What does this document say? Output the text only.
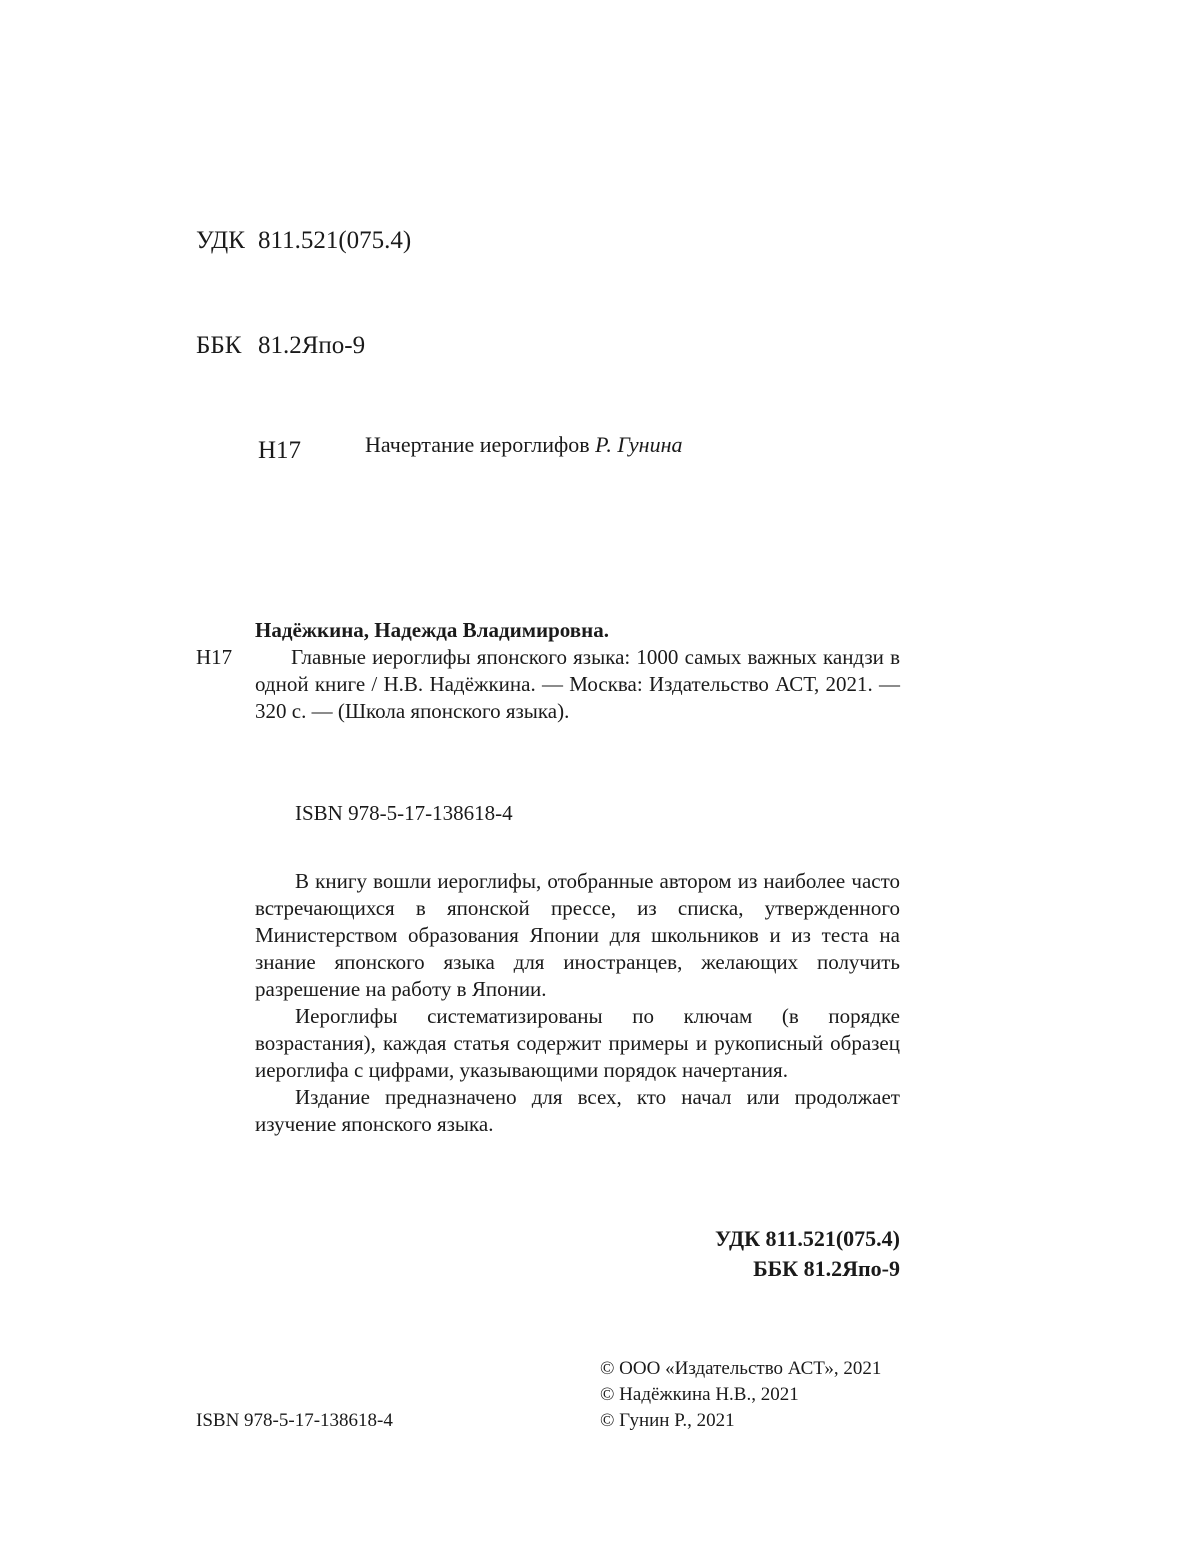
УДК 811.521(075.4)

ББК 81.2Япо-9

Н17

	Начертание иероглифов Р. Гунина
Надёжкина, Надежда Владимировна.
Н17	Главные иероглифы японского языка: 1000 самых важных кандзи в одной книге / Н.В. Надёжкина. — Москва: Издательство АСТ, 2021. — 320 с. — (Школа японского языка).

ISBN 978-5-17-138618-4

В книгу вошли иероглифы, отобранные автором из наиболее часто встречающихся в японской прессе, из списка, утвержденного Министерством образования Японии для школьников и из теста на знание японского языка для иностранцев, желающих получить разрешение на работу в Японии.

Иероглифы систематизированы по ключам (в порядке возрастания), каждая статья содержит примеры и рукописный образец иероглифа с цифрами, указывающими порядок начертания.

Издание предназначено для всех, кто начал или продолжает изучение японского языка.

УДК 811.521(075.4)
ББК 81.2Япо-9
ISBN 978-5-17-138618-4
© ООО «Издательство АСТ», 2021
© Надёжкина Н.В., 2021
© Гунин Р., 2021
